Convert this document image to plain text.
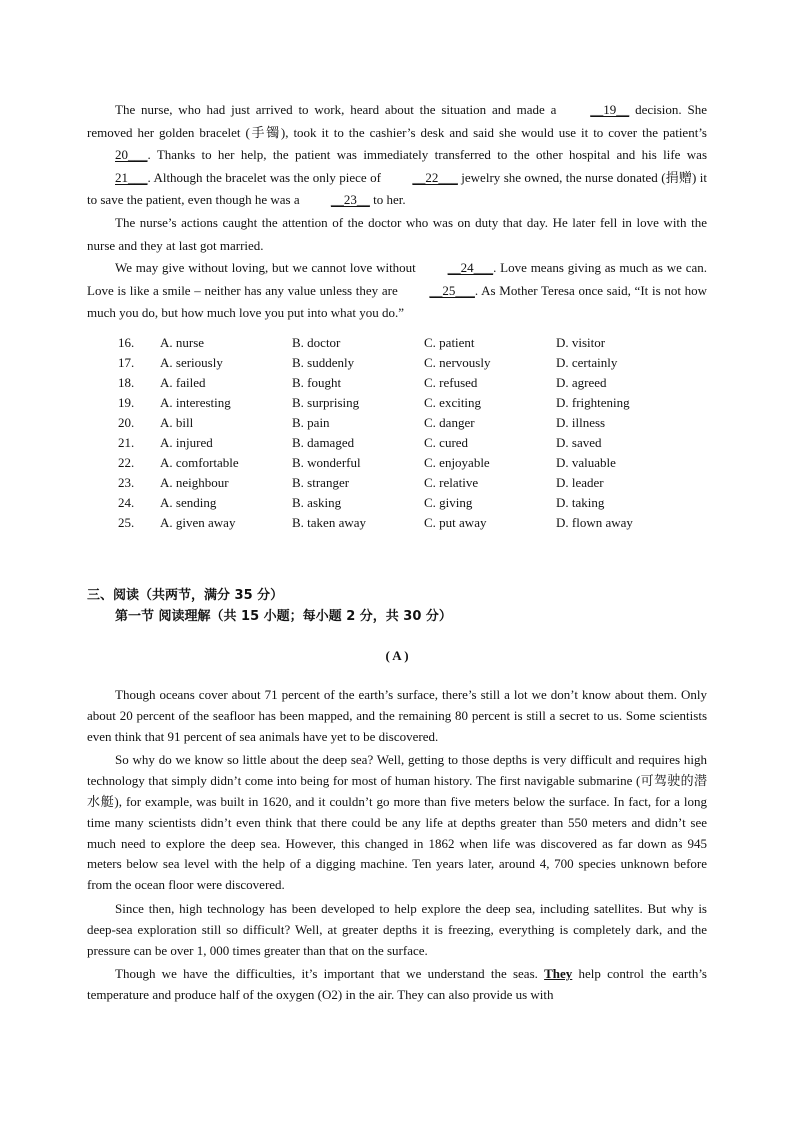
The nurse, who had just arrived to work, heard about the situation and made a __19__ decision. She removed her golden bracelet (手镯), took it to the cashier’s desk and said she would use it to cover the patient’s 20___. Thanks to her help, the patient was immediately transferred to the other hospital and his life was 21___. Although the bracelet was the only piece of __22___ jewelry she owned, the nurse donated (捐赠) it to save the patient, even though he was a __23__ to her.

The nurse’s actions caught the attention of the doctor who was on duty that day. He later fell in love with the nurse and they at last got married.

We may give without loving, but we cannot love without __24___. Love means giving as much as we can. Love is like a smile – neither has any value unless they are __25___. As Mother Teresa once said, “It is not how much you do, but how much love you put into what you do.”

16.	A. nurse	B. doctor	C. patient	D. visitor
17.	A. seriously	B. suddenly	C. nervously	D. certainly
18.	A. failed	B. fought	C. refused	D. agreed
19.	A. interesting	B. surprising	C. exciting	D. frightening
20.	A. bill	B. pain	C. danger	D. illness
21.	A. injured	B. damaged	C. cured	D. saved
22.	A. comfortable	B. wonderful	C. enjoyable	D. valuable
23.	A. neighbour	B. stranger	C. relative	D. leader
24.	A. sending	B. asking	C. giving	D. taking
25.	A. given away	B. taken away	C. put away	D. flown away
三、阅读（共两节，满分 35 分）
第一节 阅读理解（共 15 小题；每小题 2 分，共 30 分）
( A )

Though oceans cover about 71 percent of the earth’s surface, there’s still a lot we don’t know about them. Only about 20 percent of the seafloor has been mapped, and the remaining 80 percent is still a secret to us. Some scientists even think that 91 percent of sea animals have yet to be discovered.

So why do we know so little about the deep sea? Well, getting to those depths is very difficult and requires high technology that simply didn’t come into being for most of human history. The first navigable submarine (可驾驶的潜水艇), for example, was built in 1620, and it couldn’t go more than five meters below the surface. In fact, for a long time many scientists didn’t even think that there could be any life at depths greater than 550 meters and didn’t see much need to explore the deep sea. However, this changed in 1862 when life was discovered as far down as 945 meters below sea level with the help of a digging machine. Ten years later, around 4, 700 species unknown before from the ocean floor were discovered.

Since then, high technology has been developed to help explore the deep sea, including satellites. But why is deep-sea exploration still so difficult? Well, at greater depths it is freezing, everything is completely dark, and the pressure can be over 1, 000 times greater than that on the surface.

Though we have the difficulties, it’s important that we understand the seas. They help control the earth’s temperature and produce half of the oxygen (O2) in the air. They can also provide us with
